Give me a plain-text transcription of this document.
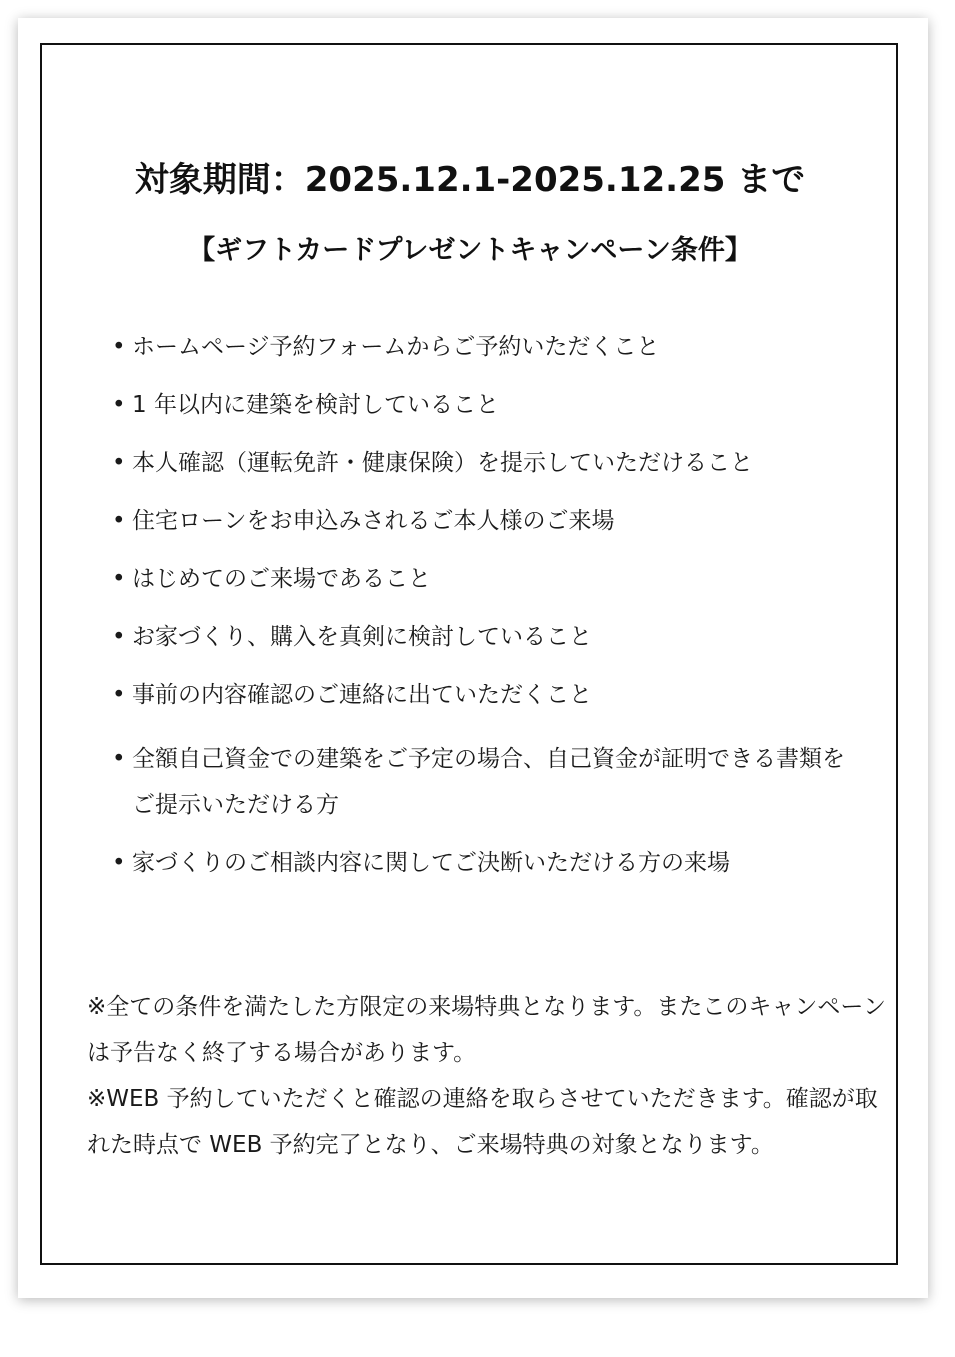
対象期間：2025.12.1-2025.12.25 まで
【ギフトカードプレゼントキャンペーン条件】
• ホームページ予約フォームからご予約いただくこと
• 1 年以内に建築を検討していること
• 本人確認（運転免許・健康保険）を提示していただけること
• 住宅ローンをお申込みされるご本人様のご来場
• はじめてのご来場であること
• お家づくり、購入を真剣に検討していること
• 事前の内容確認のご連絡に出ていただくこと
• 全額自己資金での建築をご予定の場合、自己資金が証明できる書類をご提示いただける方
• 家づくりのご相談内容に関してご決断いただける方の来場

※全ての条件を満たした方限定の来場特典となります。またこのキャンペーンは予告なく終了する場合があります。

※WEB 予約していただくと確認の連絡を取らさせていただきます。確認が取れた時点で WEB 予約完了となり、ご来場特典の対象となります。
